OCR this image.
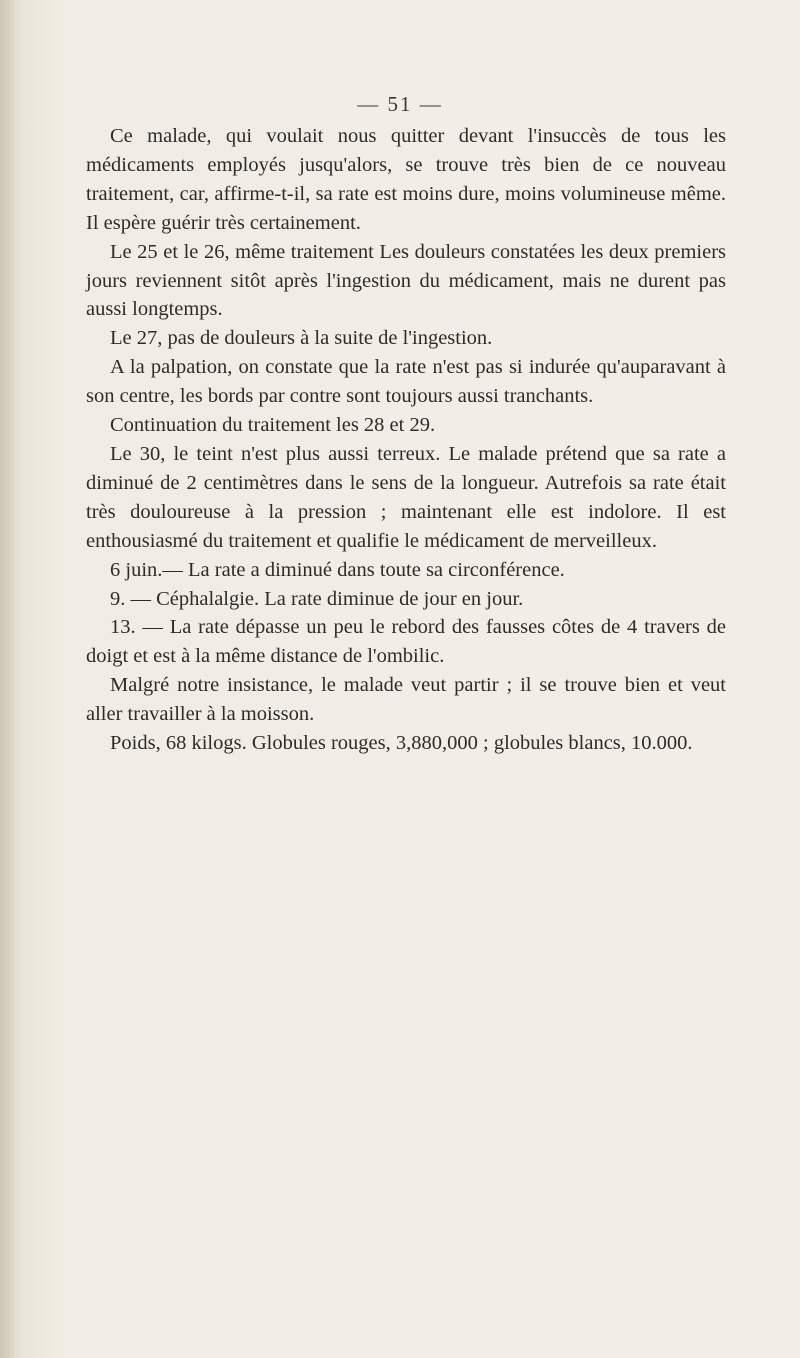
— 51 —

Ce malade, qui voulait nous quitter devant l'insuccès de tous les médicaments employés jusqu'alors, se trouve très bien de ce nouveau traitement, car, affirme-t-il, sa rate est moins dure, moins volumineuse même. Il espère guérir très certainement.

Le 25 et le 26, même traitement Les douleurs constatées les deux premiers jours reviennent sitôt après l'ingestion du médicament, mais ne durent pas aussi longtemps.

Le 27, pas de douleurs à la suite de l'ingestion.

A la palpation, on constate que la rate n'est pas si indurée qu'auparavant à son centre, les bords par contre sont toujours aussi tranchants.

Continuation du traitement les 28 et 29.

Le 30, le teint n'est plus aussi terreux. Le malade prétend que sa rate a diminué de 2 centimètres dans le sens de la longueur. Autrefois sa rate était très douloureuse à la pression ; maintenant elle est indolore. Il est enthousiasmé du traitement et qualifie le médicament de merveilleux.

6 juin.— La rate a diminué dans toute sa circonférence.

9. — Céphalalgie. La rate diminue de jour en jour.

13. — La rate dépasse un peu le rebord des fausses côtes de 4 travers de doigt et est à la même distance de l'ombilic.

Malgré notre insistance, le malade veut partir ; il se trouve bien et veut aller travailler à la moisson.

Poids, 68 kilogs. Globules rouges, 3,880,000 ; globules blancs, 10.000.
